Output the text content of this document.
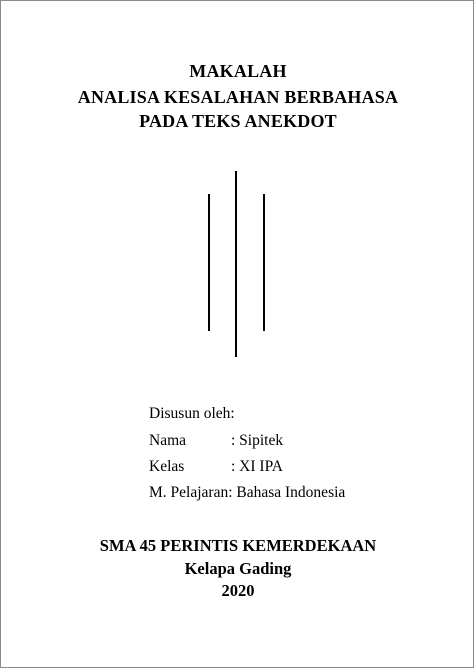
MAKALAH
ANALISA KESALAHAN BERBAHASA
PADA TEKS ANEKDOT
Disusun oleh:
Nama	: Sipitek
Kelas	: XI IPA
M. Pelajaran: Bahasa Indonesia
SMA 45 PERINTIS KEMERDEKAAN
Kelapa Gading
2020
